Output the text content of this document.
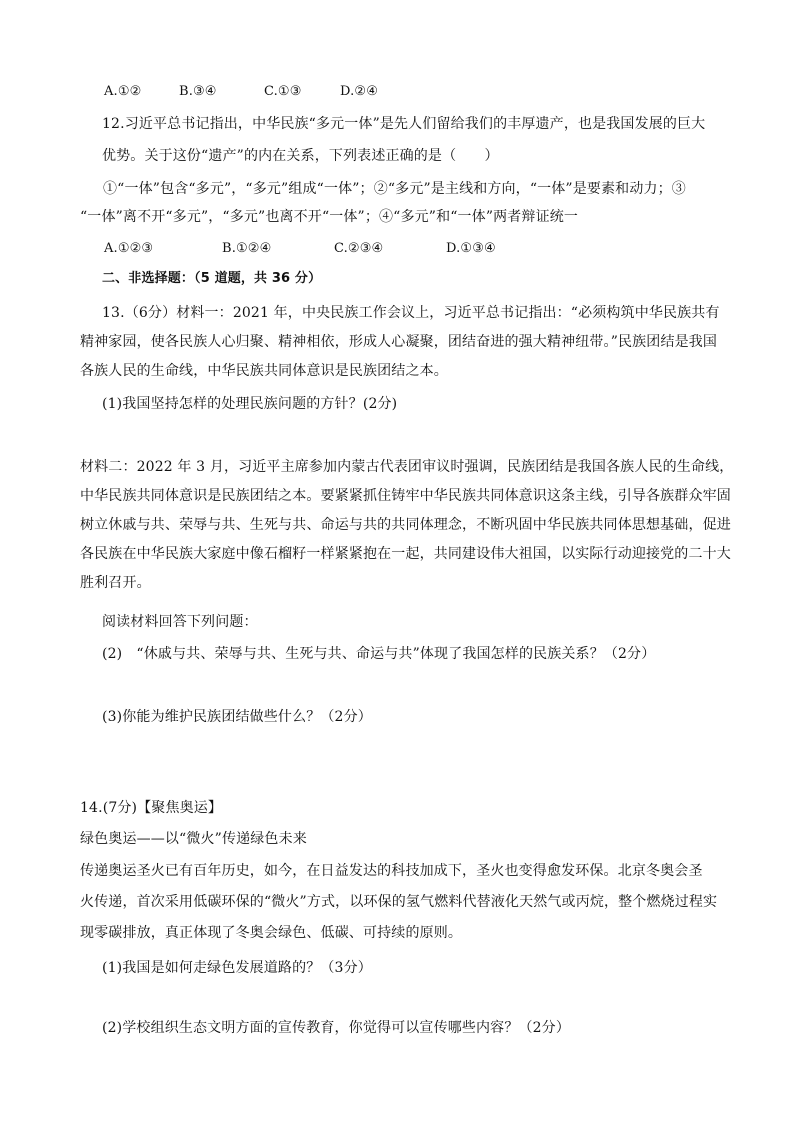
A.①②	B.③④	C.①③	D.②④
12.习近平总书记指出，中华民族“多元一体”是先人们留给我们的丰厚遗产，也是我国发展的巨大
优势。关于这份“遗产”的内在关系，下列表述正确的是（　　）
①“一体”包含“多元”，“多元”组成“一体”；②“多元”是主线和方向，“一体”是要素和动力；③
“一体”离不开“多元”，“多元”也离不开“一体”；④“多元”和“一体”两者辩证统一
A.①②③	B.①②④	C.②③④	D.①③④
二、非选择题：（5 道题，共 36 分）
13.（6分）材料一：2021 年，中央民族工作会议上，习近平总书记指出：“必须构筑中华民族共有
精神家园，使各民族人心归聚、精神相依，形成人心凝聚，团结奋进的强大精神纽带。”民族团结是我国
各族人民的生命线，中华民族共同体意识是民族团结之本。
(1)我国坚持怎样的处理民族问题的方针？(2分)
材料二：2022 年 3 月，习近平主席参加内蒙古代表团审议时强调，民族团结是我国各族人民的生命线，
中华民族共同体意识是民族团结之本。要紧紧抓住铸牢中华民族共同体意识这条主线，引导各族群众牢固
树立休戚与共、荣辱与共、生死与共、命运与共的共同体理念，不断巩固中华民族共同体思想基础，促进
各民族在中华民族大家庭中像石榴籽一样紧紧抱在一起，共同建设伟大祖国，以实际行动迎接党的二十大
胜利召开。
阅读材料回答下列问题：
(2)　“休戚与共、荣辱与共、生死与共、命运与共”体现了我国怎样的民族关系？（2分）
(3)你能为维护民族团结做些什么？（2分）
14.(7分)【聚焦奥运】
绿色奥运——以“微火”传递绿色未来
传递奥运圣火已有百年历史，如今，在日益发达的科技加成下，圣火也变得愈发环保。北京冬奥会圣
火传递，首次采用低碳环保的“微火”方式，以环保的氢气燃料代替液化天然气或丙烷，整个燃烧过程实
现零碳排放，真正体现了冬奥会绿色、低碳、可持续的原则。
(1)我国是如何走绿色发展道路的？（3分）
(2)学校组织生态文明方面的宣传教育，你觉得可以宣传哪些内容？（2分）
